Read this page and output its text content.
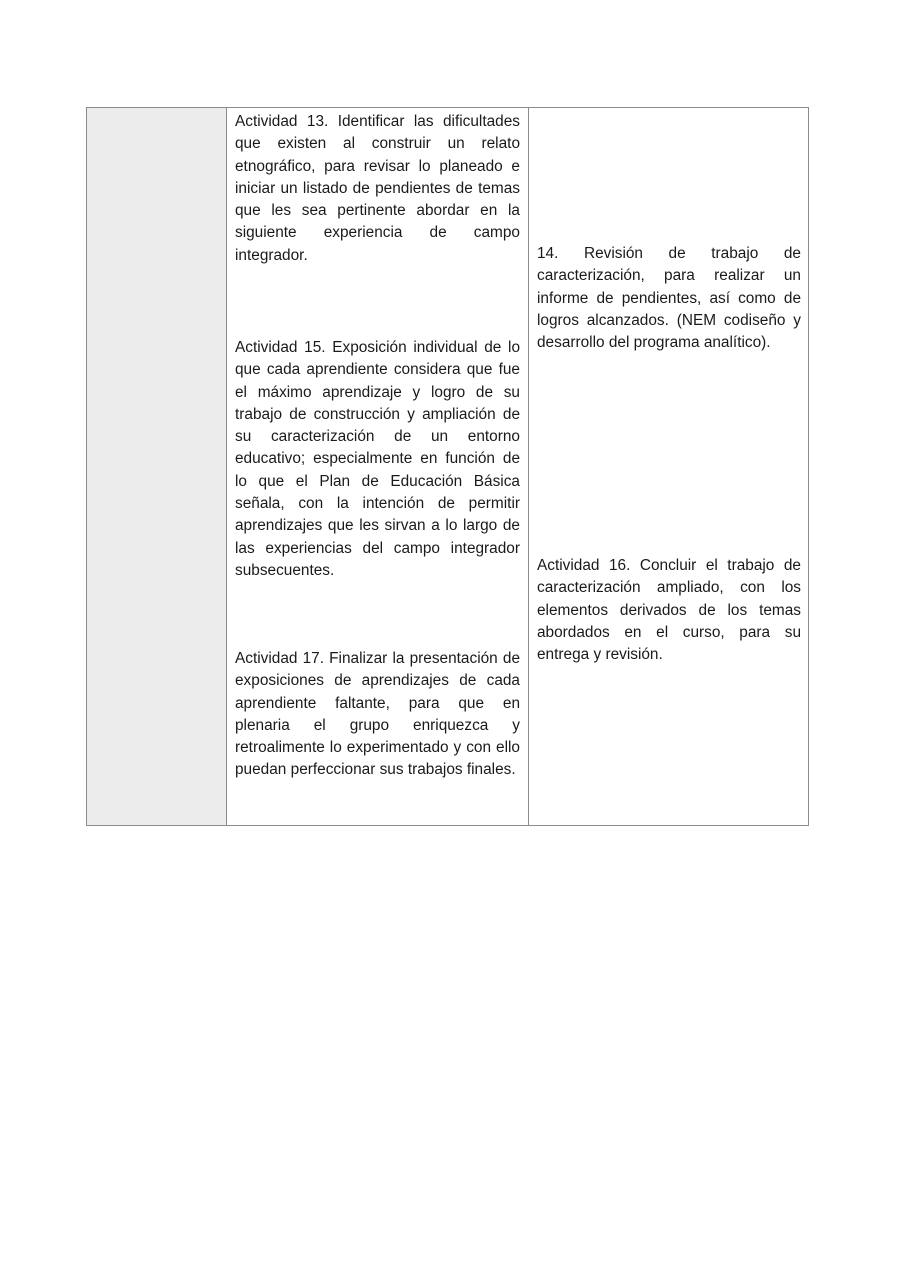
Actividad 13. Identificar las dificultades que existen al construir un relato etnográfico, para revisar lo planeado e iniciar un listado de pendientes de temas que les sea pertinente abordar en la siguiente experiencia de campo integrador.

Actividad 15. Exposición individual de lo que cada aprendiente considera que fue el máximo aprendizaje y logro de su trabajo de construcción y ampliación de su caracterización de un entorno educativo; especialmente en función de lo que el Plan de Educación Básica señala, con la intención de permitir aprendizajes que les sirvan a lo largo de las experiencias del campo integrador subsecuentes.

Actividad 17. Finalizar la presentación de exposiciones de aprendizajes de cada aprendiente faltante, para que en plenaria el grupo enriquezca y retroalimente lo experimentado y con ello puedan perfeccionar sus trabajos finales.

14. Revisión de trabajo de caracterización, para realizar un informe de pendientes, así como de logros alcanzados. (NEM codiseño y desarrollo del programa analítico).

Actividad 16. Concluir el trabajo de caracterización ampliado, con los elementos derivados de los temas abordados en el curso, para su entrega y revisión.
